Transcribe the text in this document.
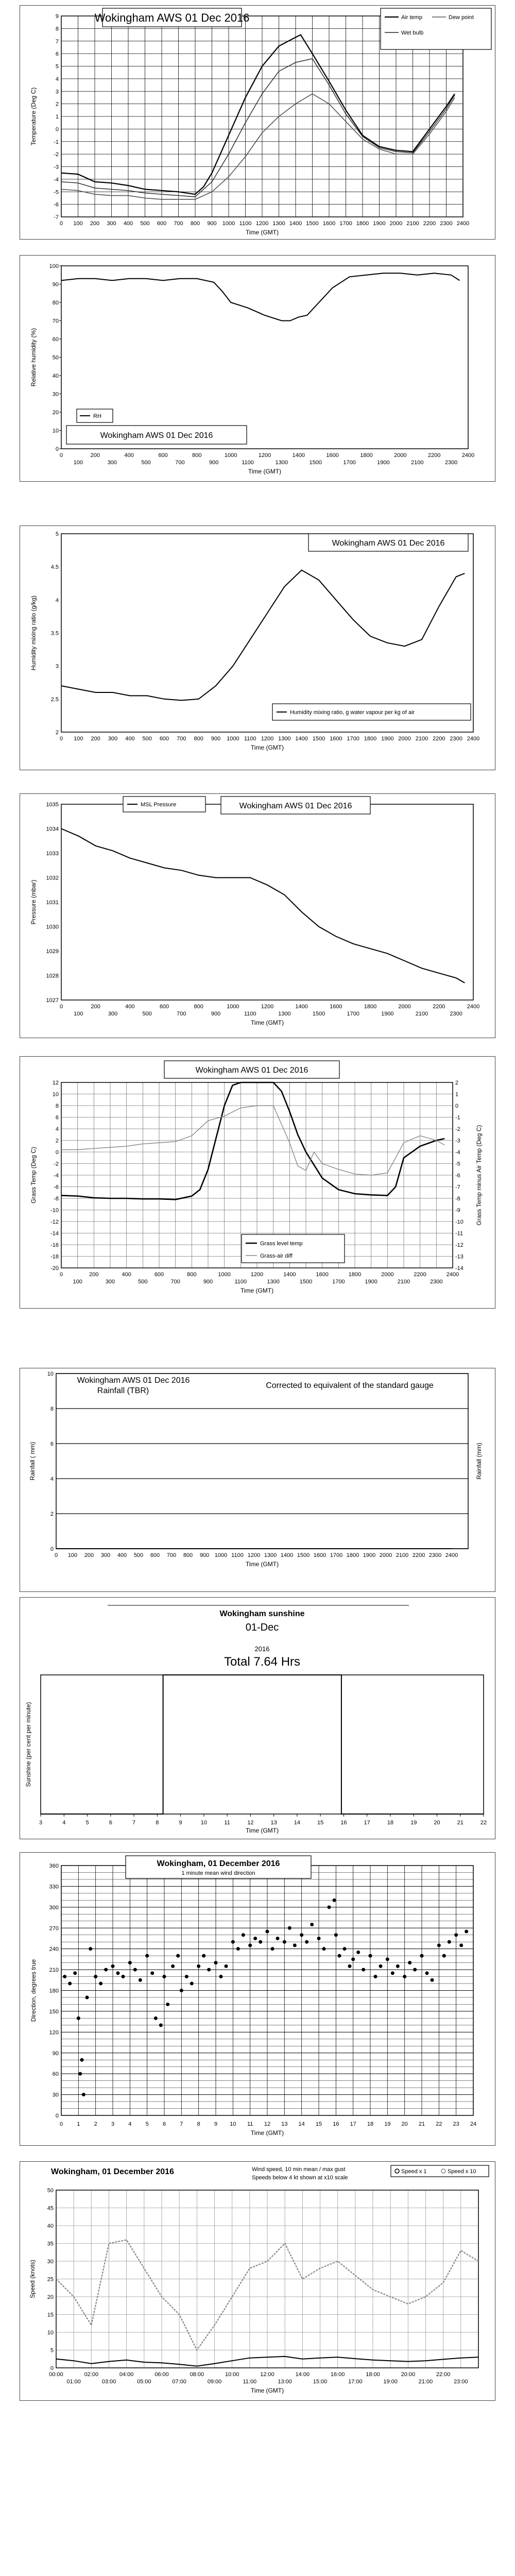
-7
-6
-5
-4
-3
-2
-1
0
1
2
3
4
5
6
7
8
9
0 100 200 300 400 500 600 700 800 900 1000 1100 1200 1300 1400 1500 1600 1700 1800 1900 2000 2100 2200 2300 2400
Temperature (Deg C)
Time (GMT)
Wokingham AWS 01 Dec 2016	Air temp	Dew point
Wet bulb
0
10
20
30
40
50
60
70
80
90
100
0	200	400	600	800	1000	1200	1400	1600	1800	2000	2200	2400
100	300	500	700	900	1100	1300	1500	1700	1900	2100	2300
Relative humidity (%)
Time (GMT)
RH
Wokingham AWS 01 Dec 2016
2
2.5
3
3.5
4
4.5
5
0 100 200 300 400 500 600 700 800 900 1000 1100 1200 1300 1400 1500 1600 1700 1800 1900 2000 2100 2200 2300 2400
Humidity mixing ratio (g/kg)
Time (GMT)
Wokingham AWS 01 Dec 2016
Humidity mixing ratio, g water vapour per kg of air
1027
1028
1029
1030
1031
1032
1033
1034
1035
0	200	400	600	800	1000	1200	1400	1600	1800	2000	2200	2400
100	300	500	700	900	1100	1300	1500	1700	1900	2100	2300
Pressure (mbar)
Time (GMT)
MSL Pressure	Wokingham AWS 01 Dec 2016
-20
-18
-16
-14
-12
-10
-8
-6
-4
-2
0
2
4
6
8
10
12
-14
-13
-12
-11
-10
-9
-8
-7
-6
-5
-4
-3
-2
-1
0
1
2
0	200	400	600	800	1000	1200	1400	1600	1800	2000	2200	2400
100	300	500	700	900	1100	1300	1500	1700	1900	2100	2300
Grass Temp (Deg C)	Grass Temp minus Air Temp (Deg C)
Time (GMT)
Wokingham AWS 01 Dec 2016
Grass level temp
Grass-air diff
0
2
4
6
8
10
0 100 200 300 400 500 600 700 800 900 1000 1100 1200 1300 1400 1500 1600 1700 1800 1900 2000 2100 2200 2300 2400
Rainfall ( mm)	Rainfall (mm)
Time (GMT)
Wokingham AWS 01 Dec 2016
Rainfall (TBR)
Corrected to equivalent of the standard gauge
3	4	5	6	7	8	9	10	11	12	13	14	15	16	17	18	19	20	21	22
Sunshine (per cent per minute)
Time (GMT)
Wokingham sunshine
01-Dec
2016
Total 7.64 Hrs
0
30
60
90
120
150
180
210
240
270
300
330
360
0 1 2 3 4 5 6 7 8 9 10 11 12 13 14 15 16 17 18 19 20 21 22 23 24
Direction, degrees true
Time (GMT)
Wokingham, 01 December 2016
1 minute mean wind direction
0
5
10
15
20
25
30
35
40
45
50
00:00	02:00	04:00	06:00	08:00	10:00	12:00	14:00	16:00	18:00	20:00	22:00
01:00	03:00	05:00	07:00	09:00	11:00	13:00	15:00	17:00	19:00	21:00	23:00
Speed (knots)
Time (GMT)
Wokingham, 01 December 2016	Wind speed, 10 min mean / max gust
Speeds below 4 kt shown at x10 scale
Speed x 1	Speed x 10
